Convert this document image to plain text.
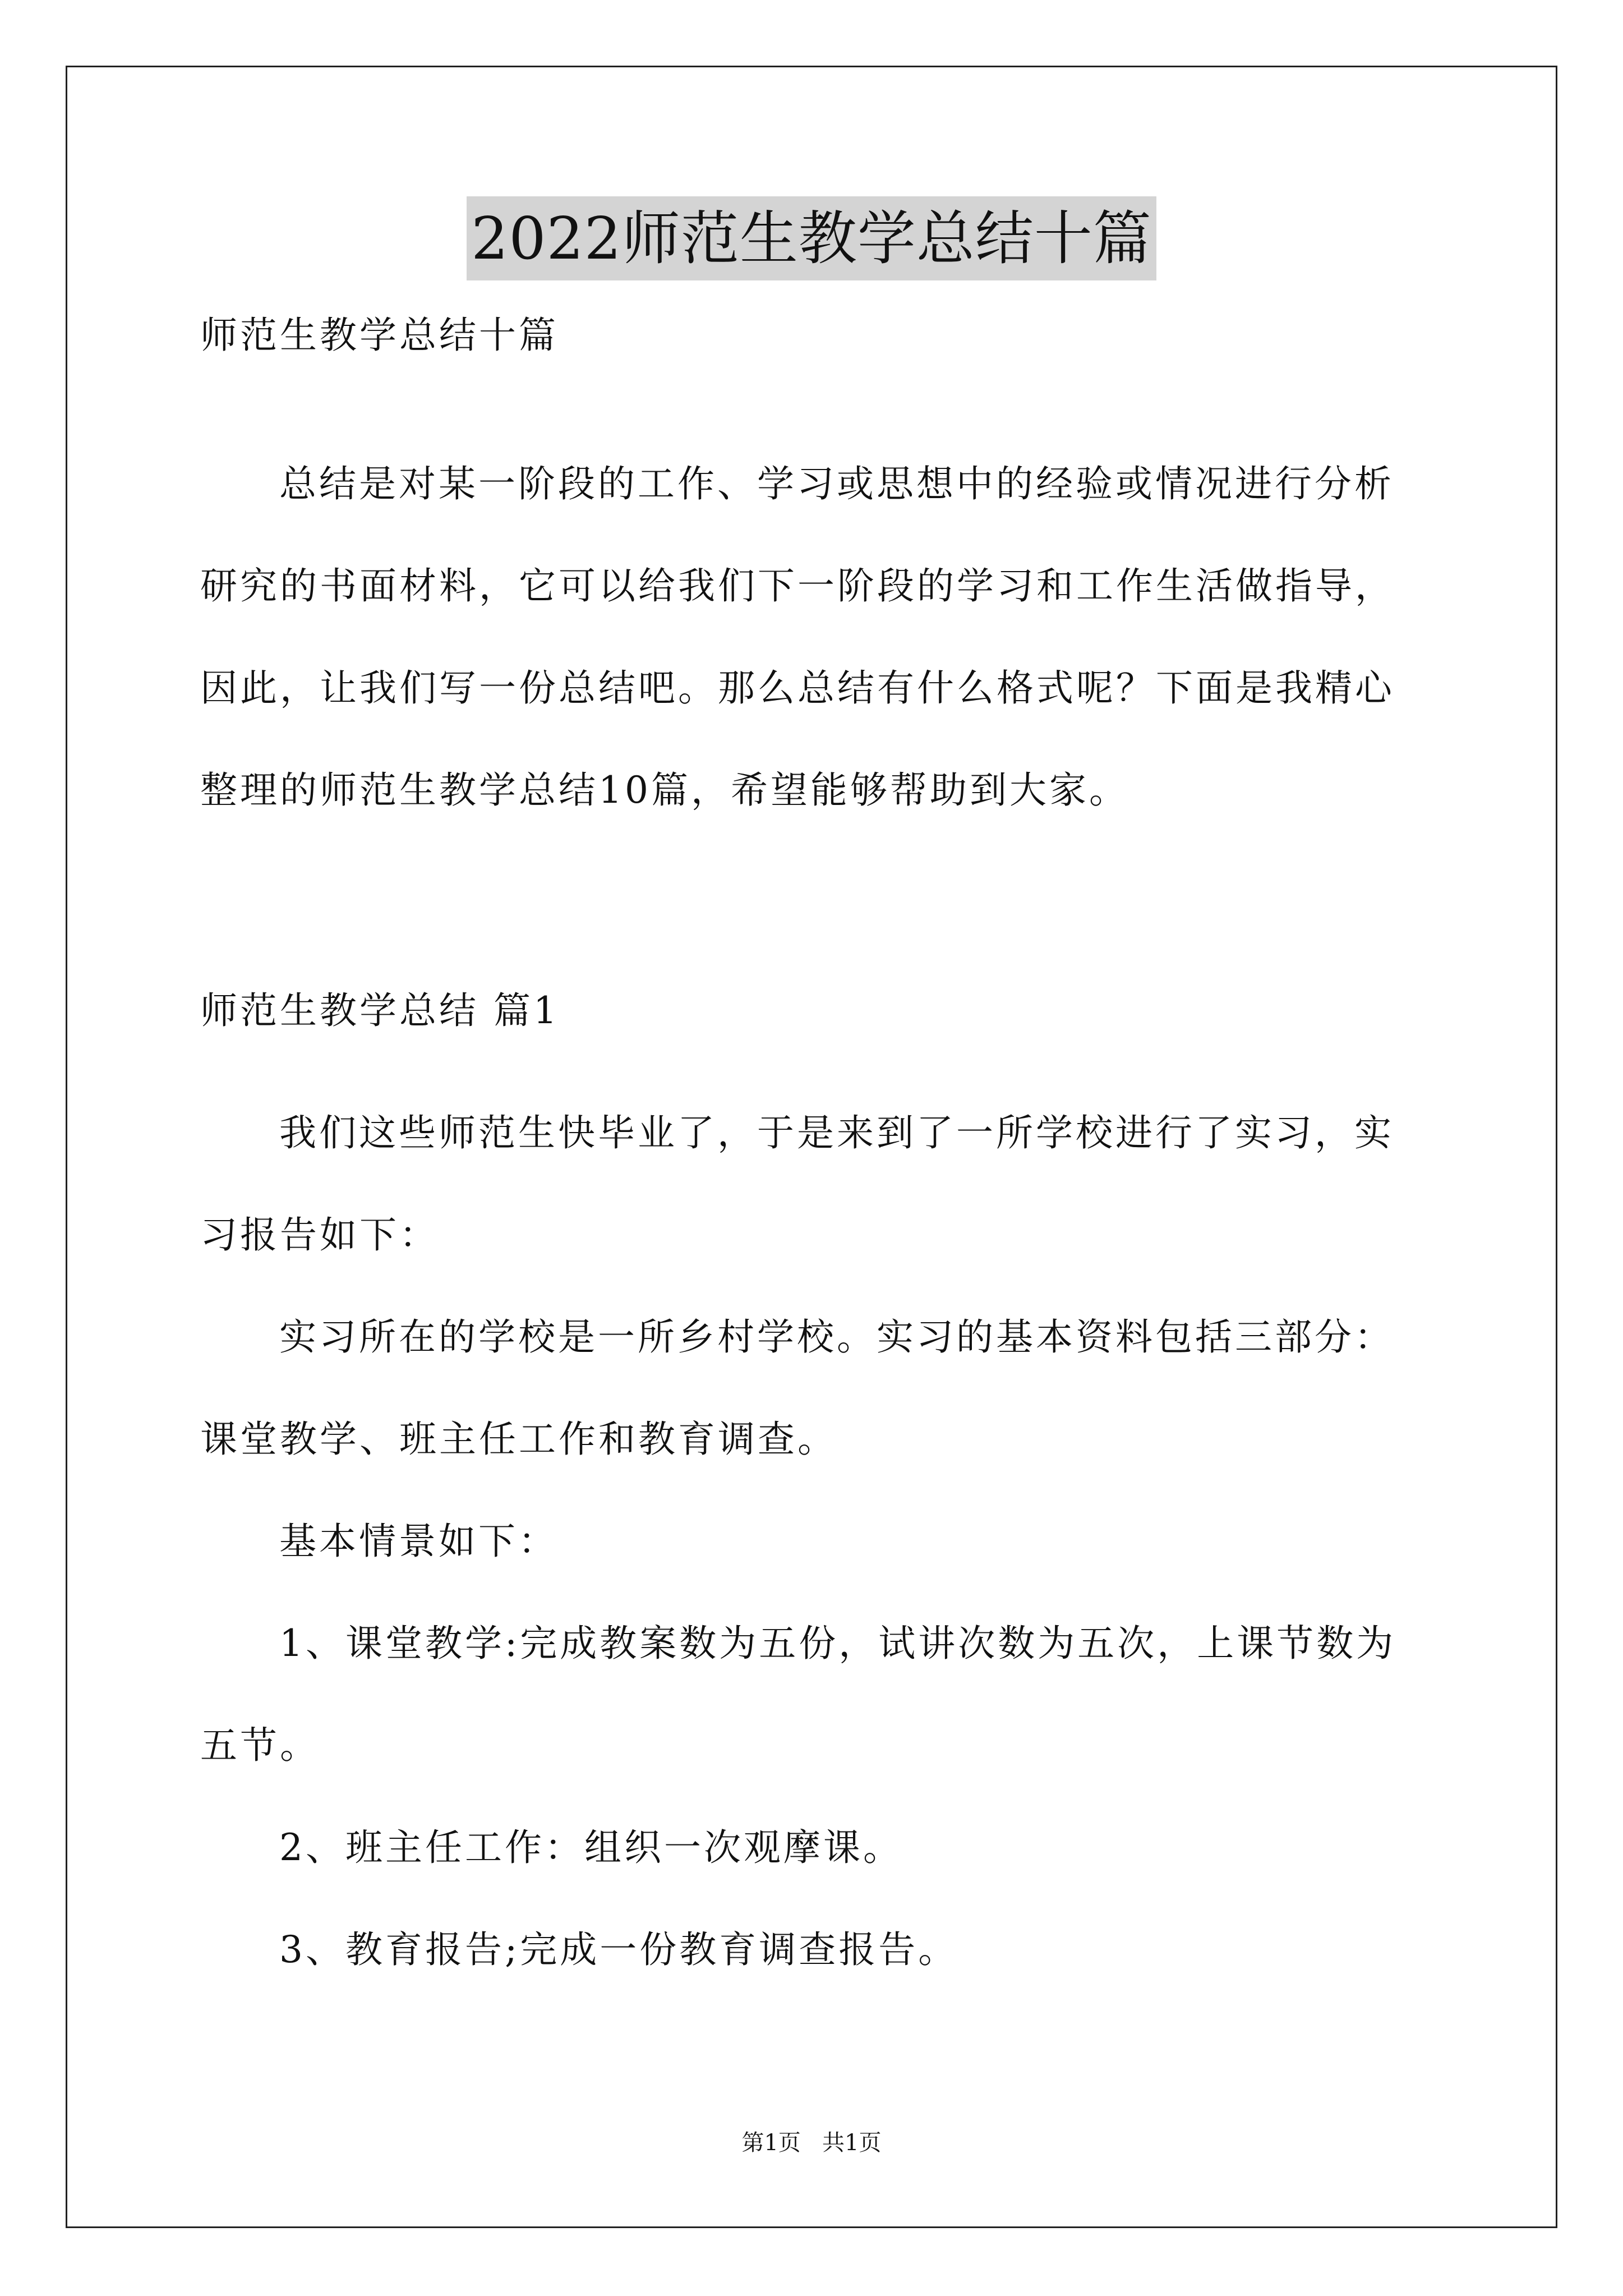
2022师范生教学总结十篇
师范生教学总结十篇
总结是对某一阶段的工作、学习或思想中的经验或情况进行分析
研究的书面材料，它可以给我们下一阶段的学习和工作生活做指导，
因此，让我们写一份总结吧。那么总结有什么格式呢？下面是我精心
整理的师范生教学总结10篇，希望能够帮助到大家。
师范生教学总结 篇1
我们这些师范生快毕业了，于是来到了一所学校进行了实习，实
习报告如下：
实习所在的学校是一所乡村学校。实习的基本资料包括三部分：
课堂教学、班主任工作和教育调查。
基本情景如下：
1、课堂教学:完成教案数为五份，试讲次数为五次，上课节数为
五节。
2、班主任工作：组织一次观摩课。
3、教育报告;完成一份教育调查报告。
第1页   共1页
